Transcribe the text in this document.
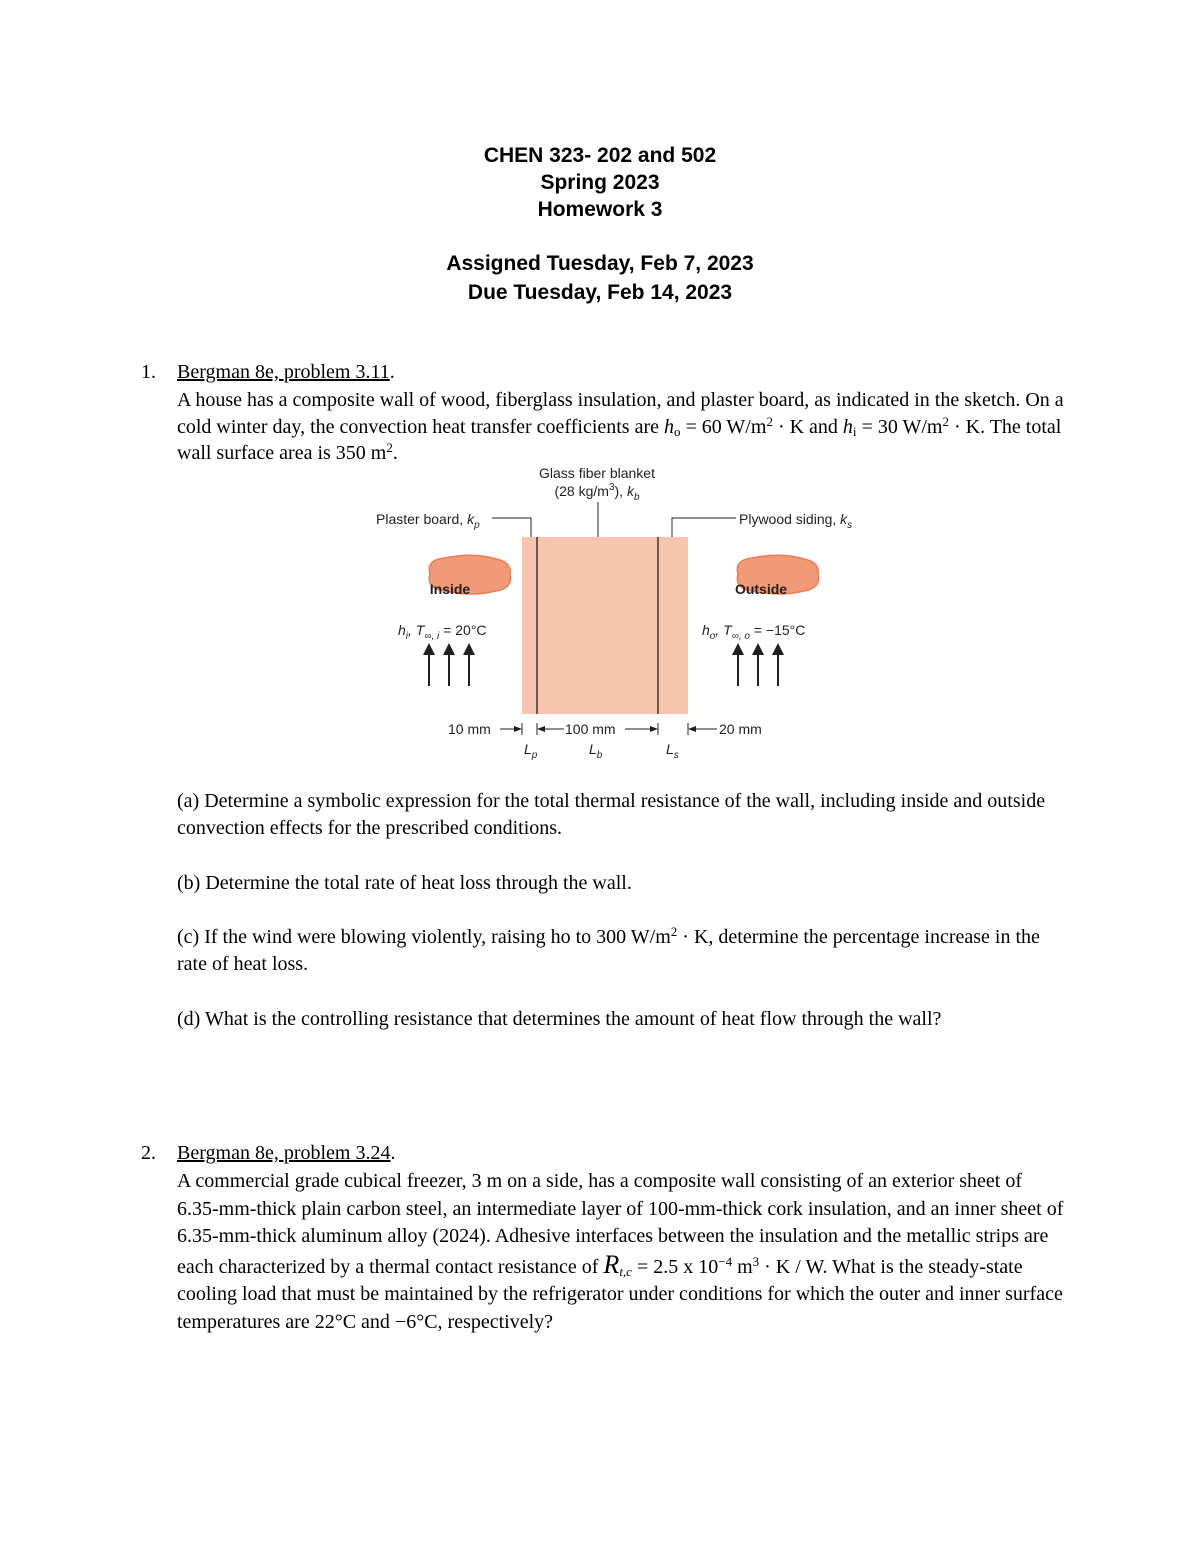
CHEN 323- 202 and 502
Spring 2023
Homework 3
Assigned Tuesday, Feb 7, 2023
Due Tuesday, Feb 14, 2023
1. Bergman 8e, problem 3.11.

A house has a composite wall of wood, fiberglass insulation, and plaster board, as indicated in the sketch. On a cold winter day, the convection heat transfer coefficients are $h_o = 60$ $W/m^2 \cdot K$ and $h_i = 30$ $W/m^2 \cdot K$. The total wall surface area is 350 $m^2$.

Glass fiber blanket
(28 $kg/m^3$), $k_b$
Plaster board, $k_p$	Plywood siding, $k_s$
Inside	Outside
$h_i$, $T_{\infty, i} = 20^\circ C$	$h_o$, $T_{\infty, o} = -15^\circ C$
10 mm	100 mm	20 mm
$L_p$	$L_b$	$L_s$
(a) Determine a symbolic expression for the total thermal resistance of the wall, including inside and outside convection effects for the prescribed conditions.
(b) Determine the total rate of heat loss through the wall.
(c) If the wind were blowing violently, raising ho to 300 $W/m^2 \cdot K$, determine the percentage increase in the rate of heat loss.
(d) What is the controlling resistance that determines the amount of heat flow through the wall?
2. Bergman 8e, problem 3.24.
A commercial grade cubical freezer, 3 m on a side, has a composite wall consisting of an exterior sheet of 6.35-mm-thick plain carbon steel, an intermediate layer of 100-mm-thick cork insulation, and an inner sheet of 6.35-mm-thick aluminum alloy (2024). Adhesive interfaces between the insulation and the metallic strips are each characterized by a thermal contact resistance of $R_{t,c} = 2.5$ x $10^{-4}$ $m^3 \cdot K / W$. What is the steady-state cooling load that must be maintained by the refrigerator under conditions for which the outer and inner surface temperatures are 22°C and −6°C, respectively?
